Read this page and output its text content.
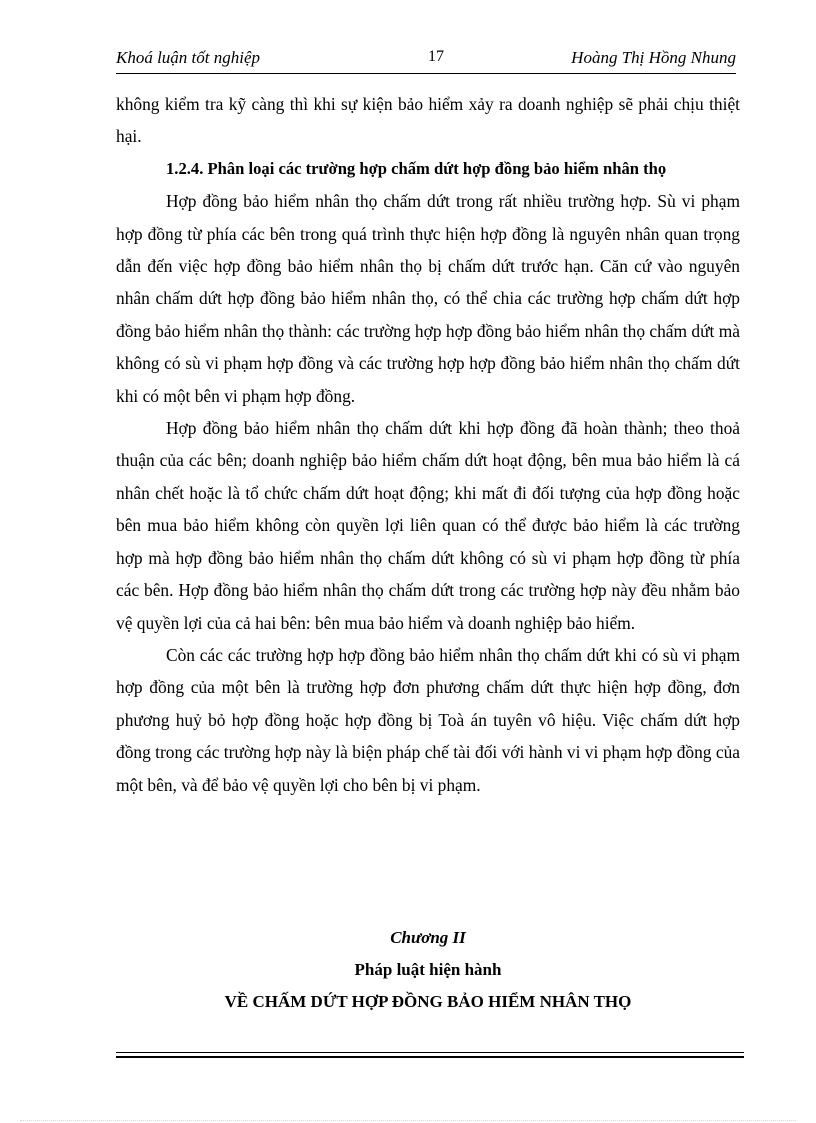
Khoá luận tốt nghiệp	17	Hoàng Thị Hồng Nhung

không kiểm tra kỹ càng thì khi sự kiện bảo hiểm xảy ra doanh nghiệp sẽ phải chịu thiệt hại.

1.2.4. Phân loại các trường hợp chấm dứt hợp đồng bảo hiểm nhân thọ

Hợp đồng bảo hiểm nhân thọ chấm dứt trong rất nhiều trường hợp. Sù vi phạm hợp đồng từ phía các bên trong quá trình thực hiện hợp đồng là nguyên nhân quan trọng dẫn đến việc hợp đồng bảo hiểm nhân thọ bị chấm dứt trước hạn. Căn cứ vào nguyên nhân chấm dứt hợp đồng bảo hiểm nhân thọ, có thể chia các trường hợp chấm dứt hợp đồng bảo hiểm nhân thọ thành: các trường hợp hợp đồng bảo hiểm nhân thọ chấm dứt mà không có sù vi phạm hợp đồng và các trường hợp hợp đồng bảo hiểm nhân thọ chấm dứt khi có một bên vi phạm hợp đồng.

Hợp đồng bảo hiểm nhân thọ chấm dứt khi hợp đồng đã hoàn thành; theo thoả thuận của các bên; doanh nghiệp bảo hiểm chấm dứt hoạt động, bên mua bảo hiểm là cá nhân chết hoặc là tổ chức chấm dứt hoạt động; khi mất đi đối tượng của hợp đồng hoặc bên mua bảo hiểm không còn quyền lợi liên quan có thể được bảo hiểm là các trường hợp mà hợp đồng bảo hiểm nhân thọ chấm dứt không có sù vi phạm hợp đồng từ phía các bên. Hợp đồng bảo hiểm nhân thọ chấm dứt trong các trường hợp này đều nhằm bảo vệ quyền lợi của cả hai bên: bên mua bảo hiểm và doanh nghiệp bảo hiểm.

Còn các các trường hợp hợp đồng bảo hiểm nhân thọ chấm dứt khi có sù vi phạm hợp đồng của một bên là trường hợp đơn phương chấm dứt thực hiện hợp đồng, đơn phương huỷ bỏ hợp đồng hoặc hợp đồng bị Toà án tuyên vô hiệu. Việc chấm dứt hợp đồng trong các trường hợp này là biện pháp chế tài đối với hành vi vi phạm hợp đồng của một bên, và để bảo vệ quyền lợi cho bên bị vi phạm.

Chương II
Pháp luật hiện hành
VỀ CHẤM DỨT HỢP ĐỒNG BẢO HIỂM NHÂN THỌ
